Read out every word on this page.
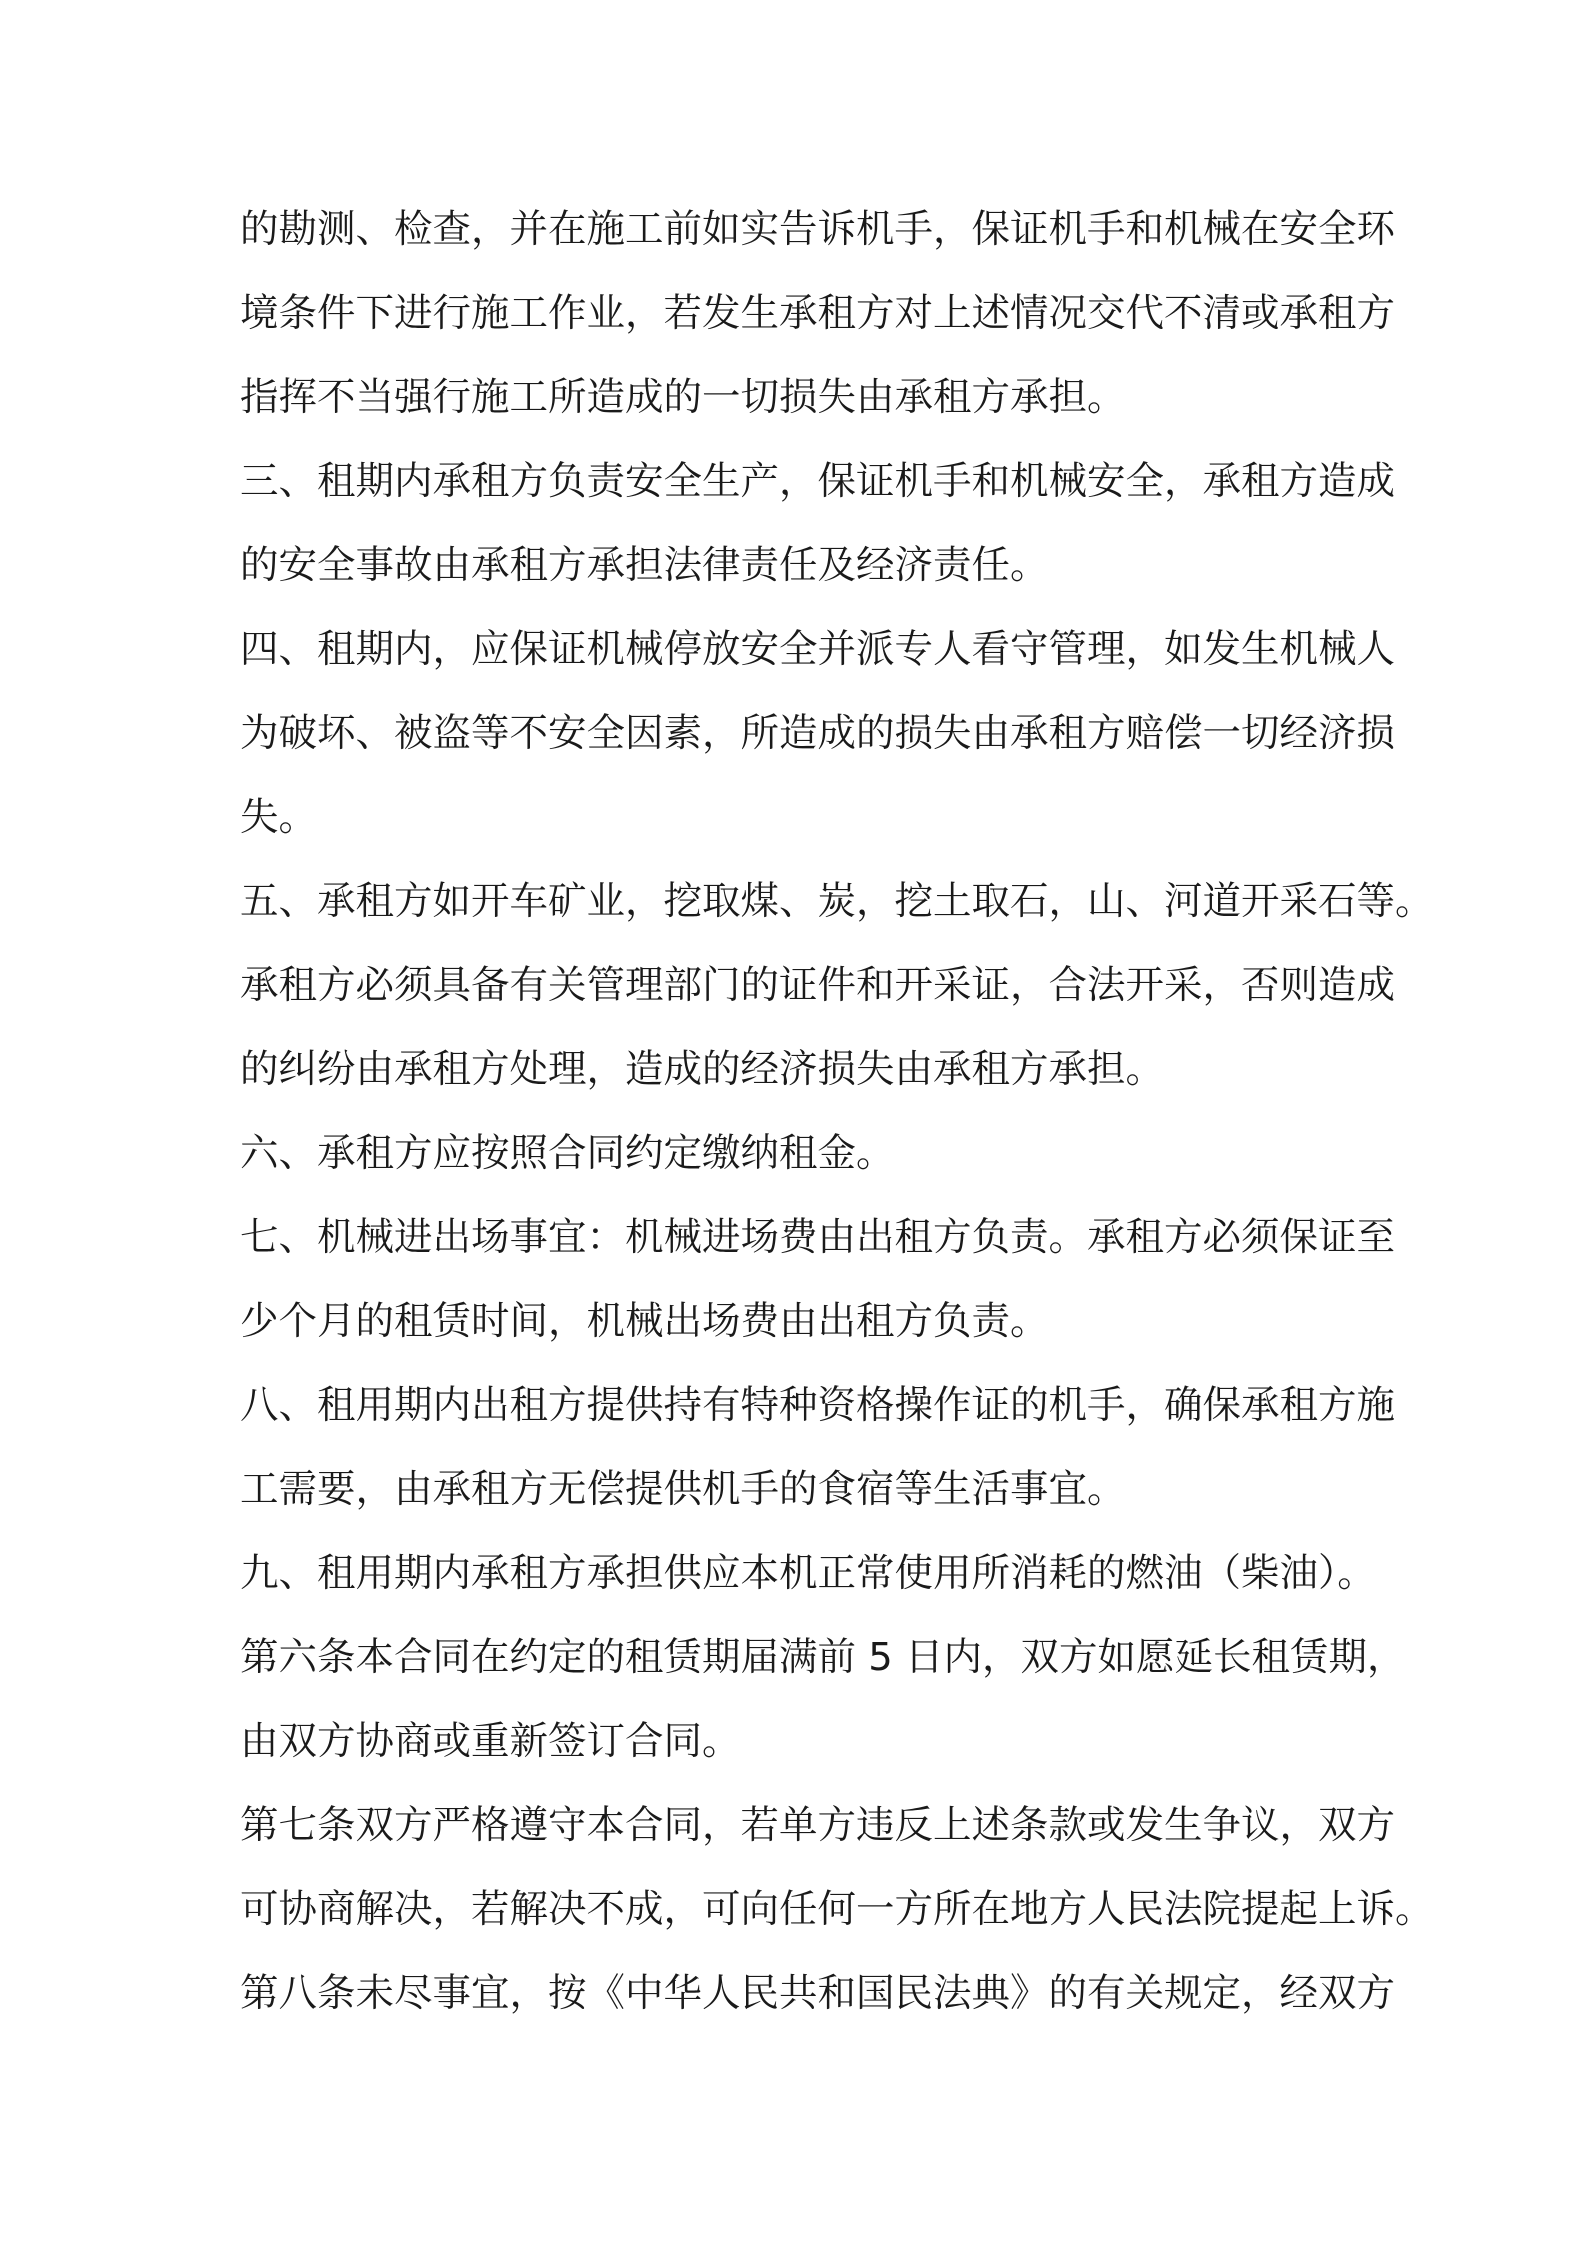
的勘测、检查，并在施工前如实告诉机手，保证机手和机械在安全环
境条件下进行施工作业，若发生承租方对上述情况交代不清或承租方
指挥不当强行施工所造成的一切损失由承租方承担。
三、租期内承租方负责安全生产，保证机手和机械安全，承租方造成
的安全事故由承租方承担法律责任及经济责任。
四、租期内，应保证机械停放安全并派专人看守管理，如发生机械人
为破坏、被盗等不安全因素，所造成的损失由承租方赔偿一切经济损
失。
五、承租方如开车矿业，挖取煤、炭，挖土取石，山、河道开采石等。
承租方必须具备有关管理部门的证件和开采证，合法开采，否则造成
的纠纷由承租方处理，造成的经济损失由承租方承担。
六、承租方应按照合同约定缴纳租金。
七、机械进出场事宜：机械进场费由出租方负责。承租方必须保证至
少个月的租赁时间，机械出场费由出租方负责。
八、租用期内出租方提供持有特种资格操作证的机手，确保承租方施
工需要，由承租方无偿提供机手的食宿等生活事宜。
九、租用期内承租方承担供应本机正常使用所消耗的燃油（柴油）。
第六条本合同在约定的租赁期届满前 5 日内，双方如愿延长租赁期，
由双方协商或重新签订合同。
第七条双方严格遵守本合同，若单方违反上述条款或发生争议，双方
可协商解决，若解决不成，可向任何一方所在地方人民法院提起上诉。
第八条未尽事宜，按《中华人民共和国民法典》的有关规定，经双方
